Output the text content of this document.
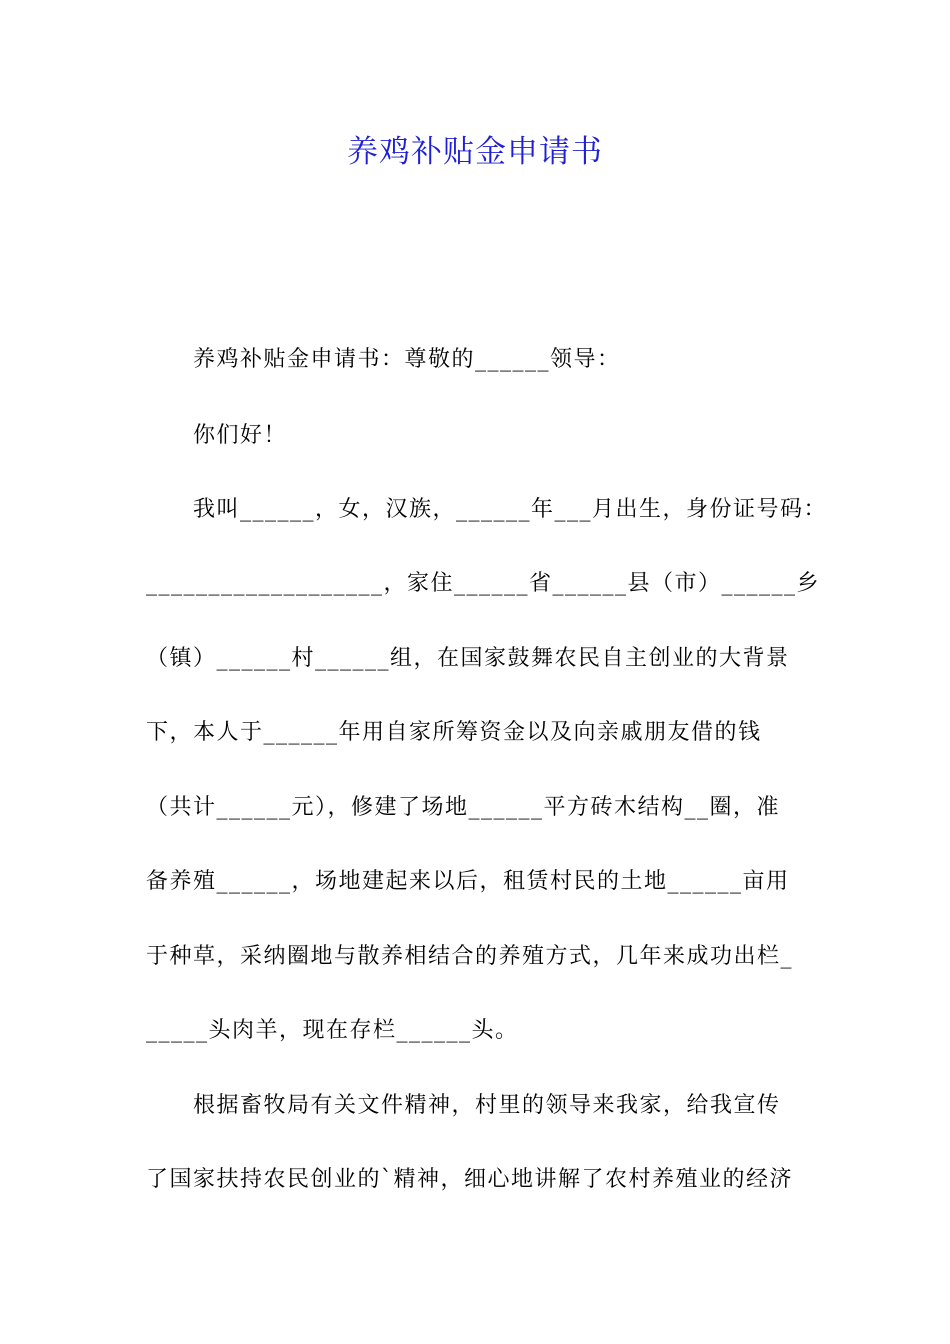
养鸡补贴金申请书
养鸡补贴金申请书：尊敬的______领导：
你们好！
我叫______，女，汉族，______年___月出生，身份证号码：
___________________，家住______省______县（市）______乡
（镇）______村______组，在国家鼓舞农民自主创业的大背景
下，本人于______年用自家所筹资金以及向亲戚朋友借的钱
（共计______元），修建了场地______平方砖木结构__圈，准
备养殖______，场地建起来以后，租赁村民的土地______亩用
于种草，采纳圈地与散养相结合的养殖方式，几年来成功出栏_
_____头肉羊，现在存栏______头。
根据畜牧局有关文件精神，村里的领导来我家，给我宣传
了国家扶持农民创业的`精神，细心地讲解了农村养殖业的经济
